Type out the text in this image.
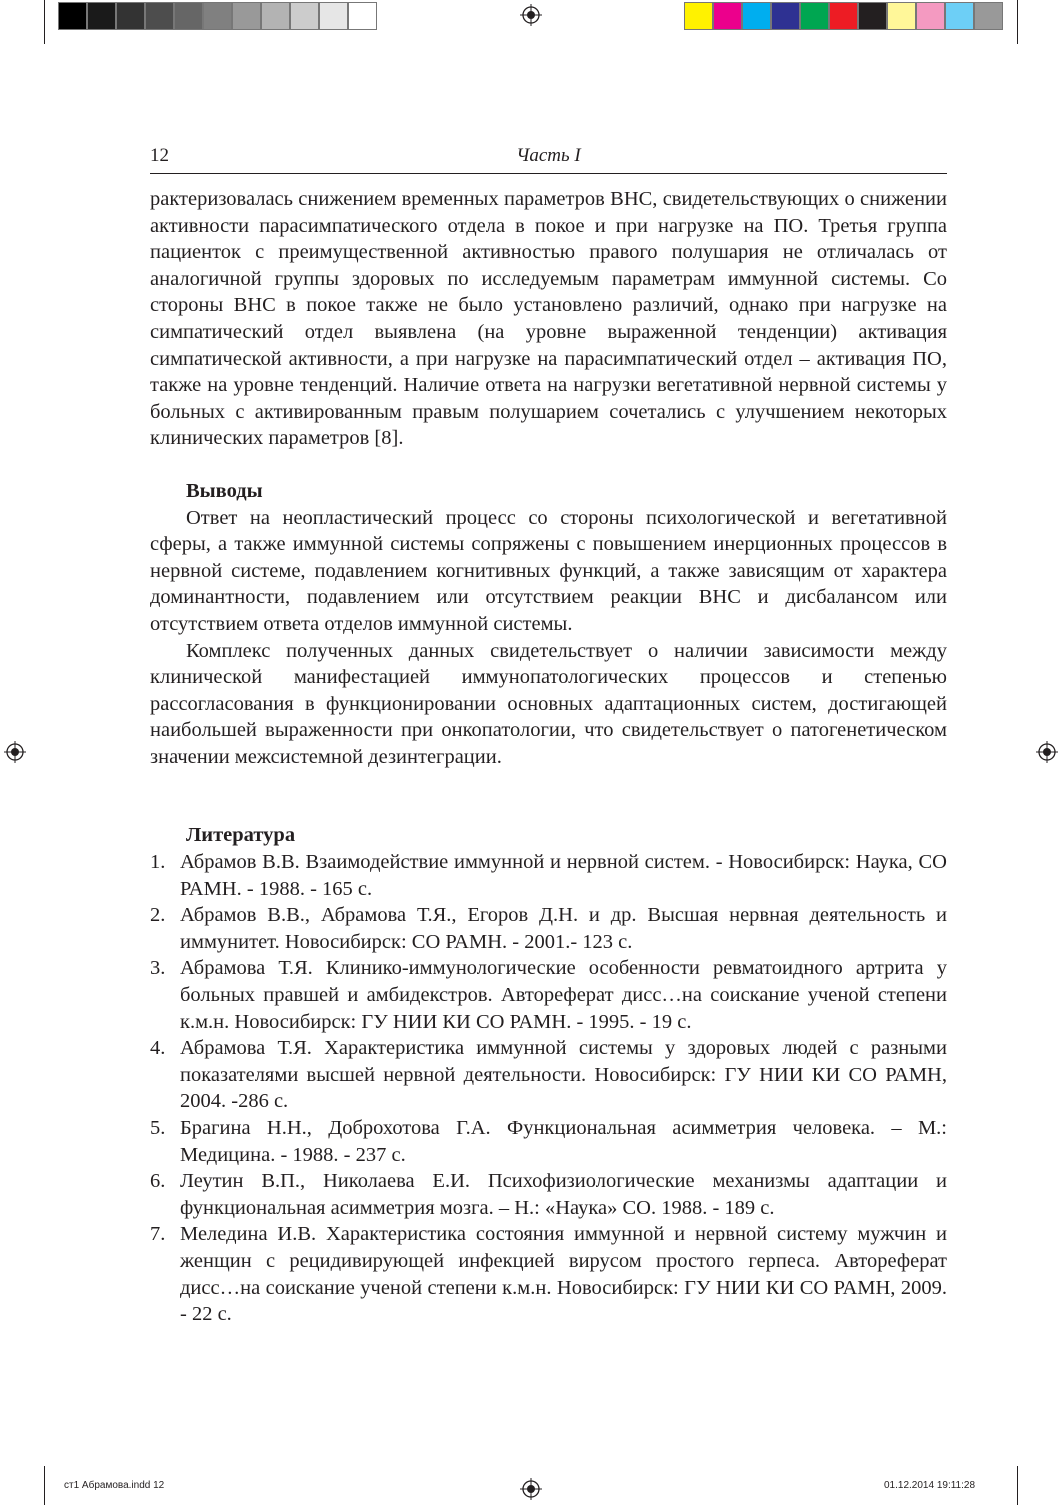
12	Часть I

рактеризовалась снижением временных параметров ВНС, свидетельствующих о снижении активности парасимпатического отдела в покое и при нагрузке на ПО. Третья группа пациенток с преимущественной активностью правого полушария не отличалась от аналогичной группы здоровых по исследуемым параметрам иммунной системы. Со стороны ВНС в покое также не было установлено различий, однако при нагрузке на симпатический отдел выявлена (на уровне выраженной тенденции) активация симпатической активности, а при нагрузке на парасимпатический отдел – активация ПО, также на уровне тенденций. Наличие ответа на нагрузки вегетативной нервной системы у больных с активированным правым полушарием сочетались с улучшением некоторых клинических параметров [8].

Выводы

Ответ на неопластический процесс со стороны психологической и вегетативной сферы, а также иммунной системы сопряжены с повышением инерционных процессов в нервной системе, подавлением когнитивных функций, а также зависящим от характера доминантности, подавлением или отсутствием реакции ВНС и дисбалансом или отсутствием ответа отделов иммунной системы.

Комплекс полученных данных свидетельствует о наличии зависимости между клинической манифестацией иммунопатологических процессов и степенью рассогласования в функционировании основных адаптационных систем, достигающей наибольшей выраженности при онкопатологии, что свидетельствует о патогенетическом значении межсистемной дезинтеграции.

Литература

1. Абрамов В.В. Взаимодействие иммунной и нервной систем. - Новосибирск: Наука, СО РАМН. - 1988. - 165 с.
2. Абрамов В.В., Абрамова Т.Я., Егоров Д.Н. и др. Высшая нервная деятельность и иммунитет. Новосибирск: СО РАМН. - 2001.- 123 с.
3. Абрамова Т.Я. Клинико-иммунологические особенности ревматоидного артрита у больных правшей и амбидекстров. Автореферат дисс…на соискание ученой степени к.м.н. Новосибирск: ГУ НИИ КИ СО РАМН. - 1995. - 19 с.
4. Абрамова Т.Я. Характеристика иммунной системы у здоровых людей с разными показателями высшей нервной деятельности. Новосибирск: ГУ НИИ КИ СО РАМН, 2004. -286 с.
5. Брагина Н.Н., Доброхотова Г.А. Функциональная асимметрия человека. – М.: Медицина. - 1988. - 237 с.
6. Леутин В.П., Николаева Е.И. Психофизиологические механизмы адаптации и функциональная асимметрия мозга. – Н.: «Наука» СО. 1988. - 189 с.
7. Меледина И.В. Характеристика состояния иммунной и нервной систему мужчин и женщин с рецидивирующей инфекцией вирусом простого герпеса. Автореферат дисс…на соискание ученой степени к.м.н. Новосибирск: ГУ НИИ КИ СО РАМН, 2009. - 22 с.
ст1 Абрамова.indd 12	01.12.2014 19:11:28
